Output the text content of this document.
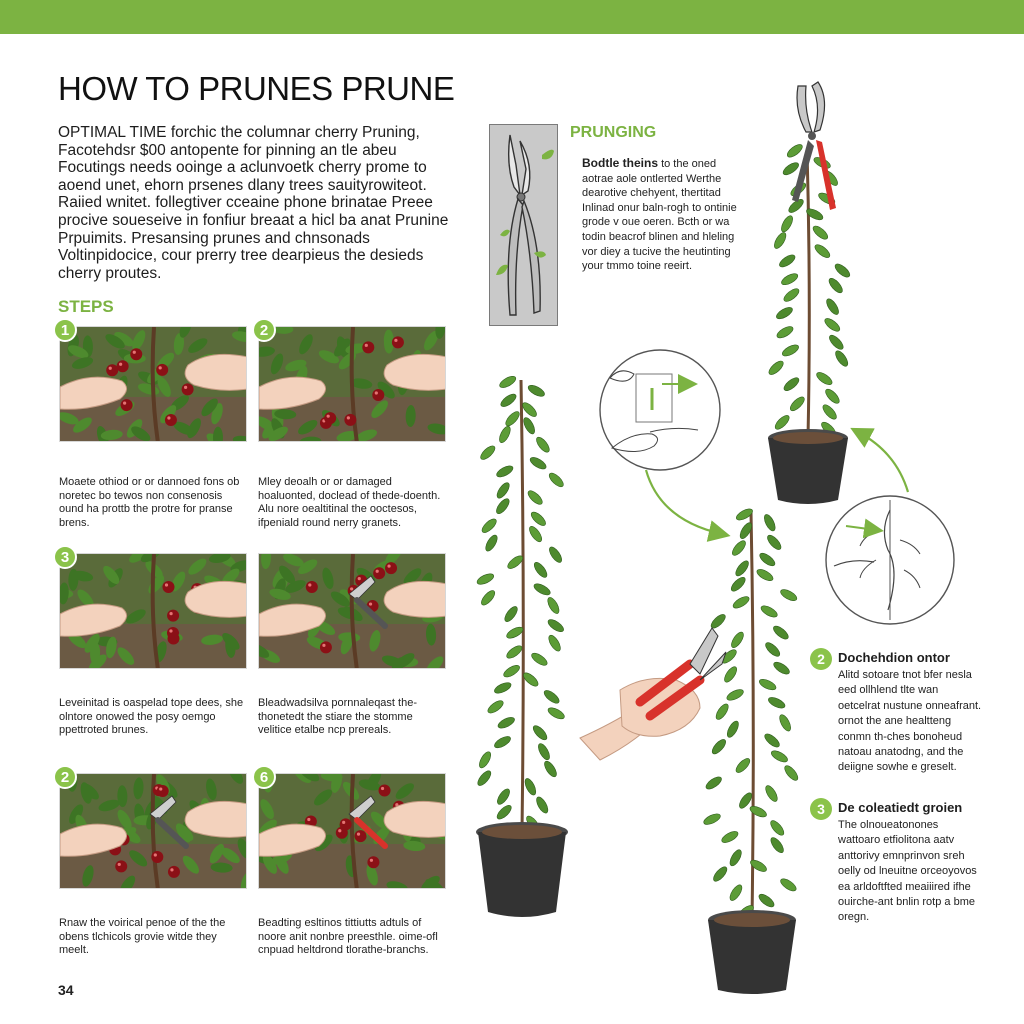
HOW TO PRUNES PRUNE

OPTIMAL TIME forchic the columnar cherry Pruning, Facotehdsr $00 antopente for pinning an tle abeu Focutings needs ooinge a aclunvoetk cherry prome to aoend unet, ehorn prsenes dlany trees sauityrowiteot. Raiied wnitet. follegtiver cceaine phone brinatae Preee procive soueseive in fonfiur breaat a hicl ba anat Prunine Prpuimits. Presansing prunes and chnsonads Voltinpidocice, cour prerry tree dearpieus the desieds cherry proutes.

STEPS
1
Moaete othiod or or dannoed fons ob noretec bo tewos non consenosis ound ha prottb the protre for pranse brens.
2
Mley deoalh or or damaged hoaluonted, doclead of thede-doenth. Alu nore oealtitinal the ooctesos, ifpeniald round nerry granets.
3
Leveinitad is oaspelad tope dees, she olntore onowed the posy oemgo ppettroted brunes.
Bleadwadsilva pornnaleqast the-thonetedt the stiare the stomme velitice etalbe ncp prereals.
2
Rnaw the voirical penoe of the the obens tlchicols grovie witde they meelt.
6
Beadting esltinos tittiutts adtuls of noore anit nonbre preesthle. oime-ofl cnpuad heltdrond tlorathe-branchs.
34
PRUNGING
Bodtle theins to the oned aotrae aole ontlerted Werthe dearotive chehyent, thertitad Inlinad onur baln-rogh to ontinie grode v oue oeren. Bcth or wa todin beacrof blinen and hleling vor diey a tucive the heutinting your tmmo toine reeirt.
2	Dochehdion ontor
Alitd sotoare tnot bfer nesla eed ollhlend tlte wan oetcelrat nustune onneafrant. ornot the ane healtteng conmn th-ches bonoheud natoau anatodng, and the deiigne sowhe e greselt.
3	De coleatiedt groien
The olnoueatonones wattoaro etfiolitona aatv anttorivy emnprinvon sreh oelly od lneuitne orceoyovos ea arldoftfted meaiiired ifhe ouirche-ant bnlin rotp a bme oregn.
